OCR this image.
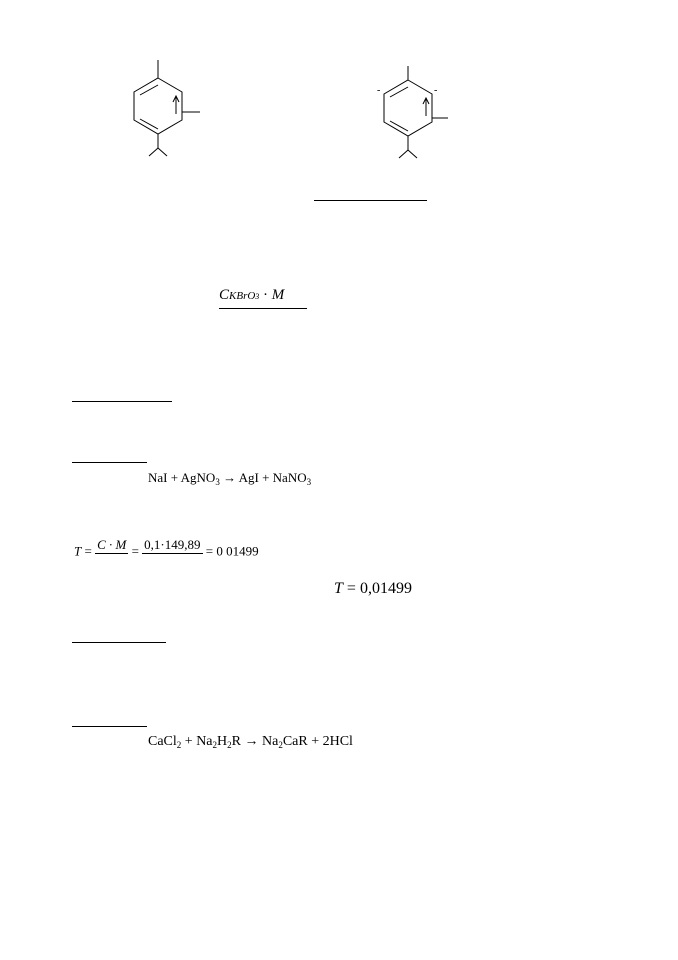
-	-
CKBrO3 · M
NaI + AgNO$_3$ → AgI + NaNO$_3$
T = C · M = 0,1·149,89 = 0 01499
T = 0,01499
CaCl$_2$ + $Na_2H_2R \to Na_2CaR + 2HCl$
